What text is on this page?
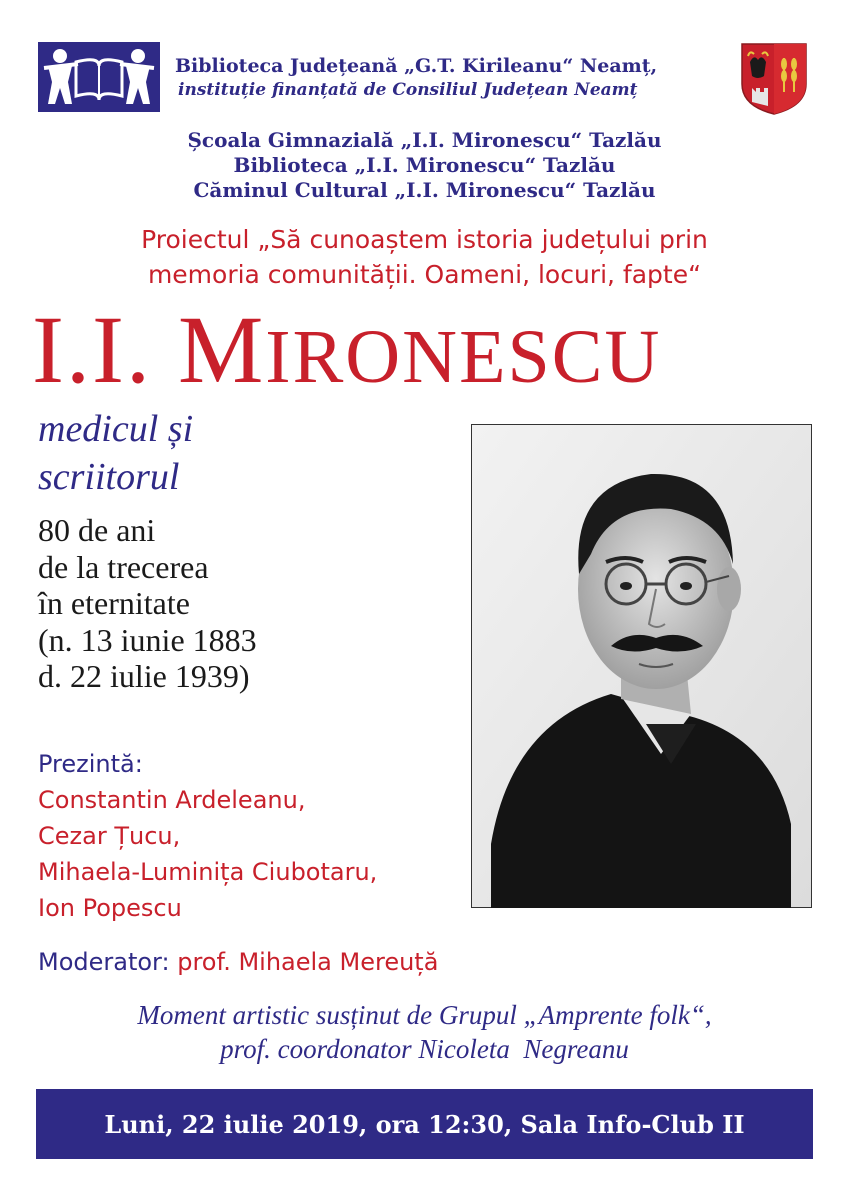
Biblioteca Județeană „G.T. Kirileanu“ Neamț,
instituție finanțată de Consiliul Județean Neamț
Școala Gimnazială „I.I. Mironescu“ Tazlău
Biblioteca „I.I. Mironescu“ Tazlău
Căminul Cultural „I.I. Mironescu“ Tazlău
Proiectul „Să cunoaștem istoria județului prin
memoria comunității. Oameni, locuri, fapte“
I.I. MIRONESCU
medicul și
scriitorul
80 de ani
de la trecerea
în eternitate
(n. 13 iunie 1883
d. 22 iulie 1939)
Prezintă:
Constantin Ardeleanu,
Cezar Țucu,
Mihaela-Luminița Ciubotaru,
Ion Popescu
Moderator: prof. Mihaela Mereuță
Moment artistic susținut de Grupul „Amprente folk“,
prof. coordonator Nicoleta  Negreanu
Luni, 22 iulie 2019, ora 12:30, Sala Info-Club II
